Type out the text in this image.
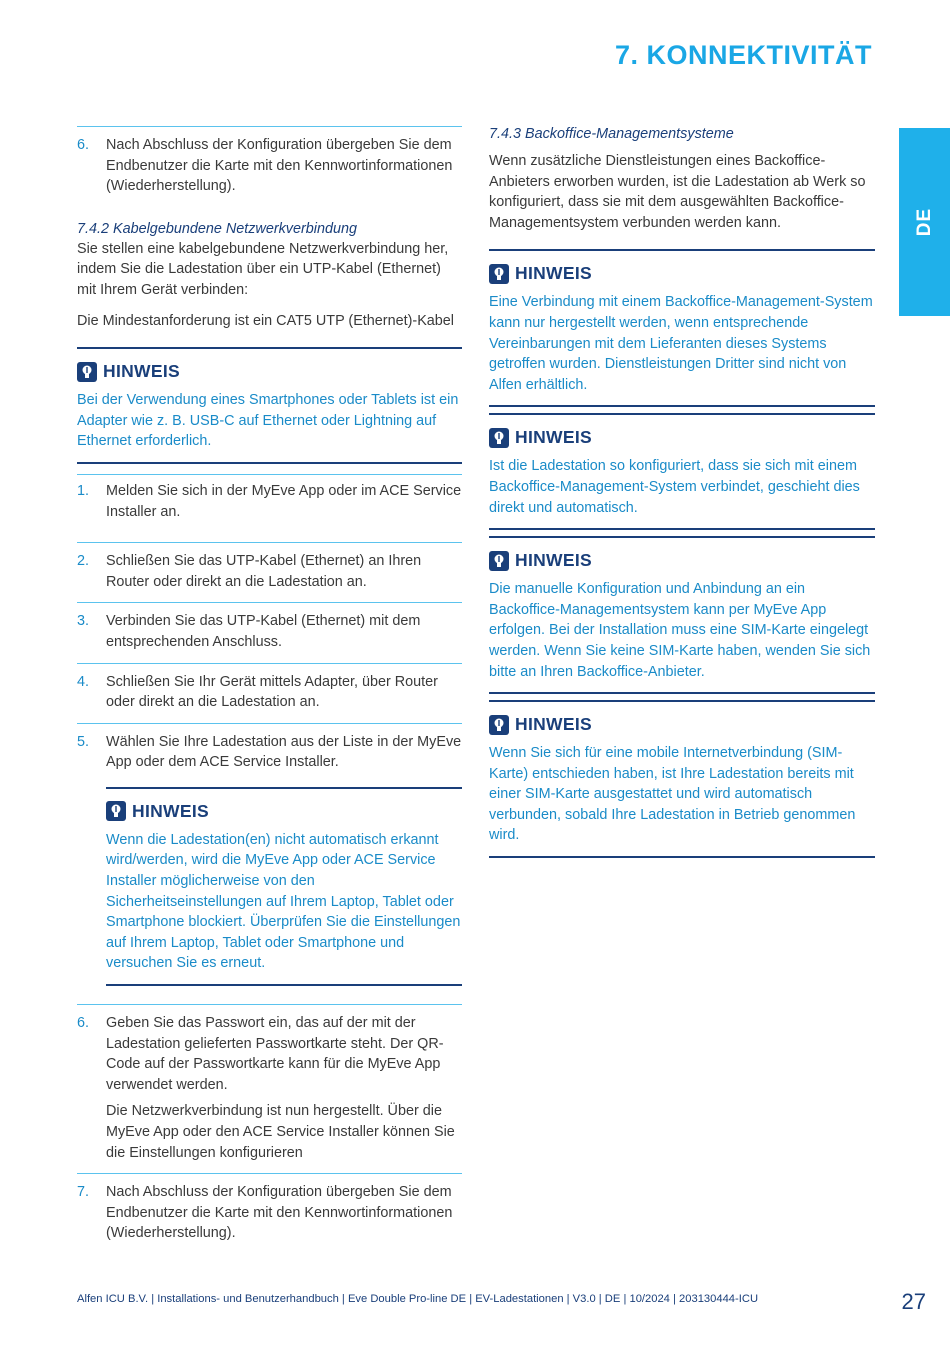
7. KONNEKTIVITÄT
DE
6.	Nach Abschluss der Konfiguration übergeben Sie dem Endbenutzer die Karte mit den Kennwortinformationen (Wiederherstellung).
7.4.2 Kabelgebundene Netzwerkverbindung
Sie stellen eine kabelgebundene Netzwerkverbindung her, indem Sie die Ladestation über ein UTP-Kabel (Ethernet) mit Ihrem Gerät verbinden:
Die Mindestanforderung ist ein CAT5 UTP (Ethernet)-Kabel
HINWEIS
Bei der Verwendung eines Smartphones oder Tablets ist ein Adapter wie z. B. USB-C auf Ethernet oder Lightning auf Ethernet erforderlich.
1.	Melden Sie sich in der MyEve App oder im ACE Service Installer an.
2.	Schließen Sie das UTP-Kabel (Ethernet) an Ihren Router oder direkt an die Ladestation an.
3.	Verbinden Sie das UTP-Kabel (Ethernet) mit dem entsprechenden Anschluss.
4.	Schließen Sie Ihr Gerät mittels Adapter, über Router oder direkt an die Ladestation an.
5.	Wählen Sie Ihre Ladestation aus der Liste in der MyEve App oder dem ACE Service Installer.
HINWEIS
Wenn die Ladestation(en) nicht automatisch erkannt wird/werden, wird die MyEve App oder ACE Service Installer möglicherweise von den Sicherheitseinstellungen auf Ihrem Laptop, Tablet oder Smartphone blockiert. Überprüfen Sie die Einstellungen auf Ihrem Laptop, Tablet oder Smartphone und versuchen Sie es erneut.
6.	Geben Sie das Passwort ein, das auf der mit der Ladestation gelieferten Passwortkarte steht. Der QR-Code auf der Passwortkarte kann für die MyEve App verwendet werden.
Die Netzwerkverbindung ist nun hergestellt. Über die MyEve App oder den ACE Service Installer können Sie die Einstellungen konfigurieren
7.	Nach Abschluss der Konfiguration übergeben Sie dem Endbenutzer die Karte mit den Kennwortinformationen (Wiederherstellung).
7.4.3 Backoffice-Managementsysteme
Wenn zusätzliche Dienstleistungen eines Backoffice-Anbieters erworben wurden, ist die Ladestation ab Werk so konfiguriert, dass sie mit dem ausgewählten Backoffice-Managementsystem verbunden werden kann.
HINWEIS
Eine Verbindung mit einem Backoffice-Management-System kann nur hergestellt werden, wenn entsprechende Vereinbarungen mit dem Lieferanten dieses Systems getroffen wurden. Dienstleistungen Dritter sind nicht von Alfen erhältlich.
HINWEIS
Ist die Ladestation so konfiguriert, dass sie sich mit einem Backoffice-Management-System verbindet, geschieht dies direkt und automatisch.
HINWEIS
Die manuelle Konfiguration und Anbindung an ein Backoffice-Managementsystem kann per MyEve App erfolgen. Bei der Installation muss eine SIM-Karte eingelegt werden. Wenn Sie keine SIM-Karte haben, wenden Sie sich bitte an Ihren Backoffice-Anbieter.
HINWEIS
Wenn Sie sich für eine mobile Internetverbindung (SIM-Karte) entschieden haben, ist Ihre Ladestation bereits mit einer SIM-Karte ausgestattet und wird automatisch verbunden, sobald Ihre Ladestation in Betrieb genommen wird.
Alfen ICU B.V. | Installations- und Benutzerhandbuch | Eve Double Pro-line DE | EV-Ladestationen | V3.0 | DE | 10/2024 | 203130444-ICU	27
